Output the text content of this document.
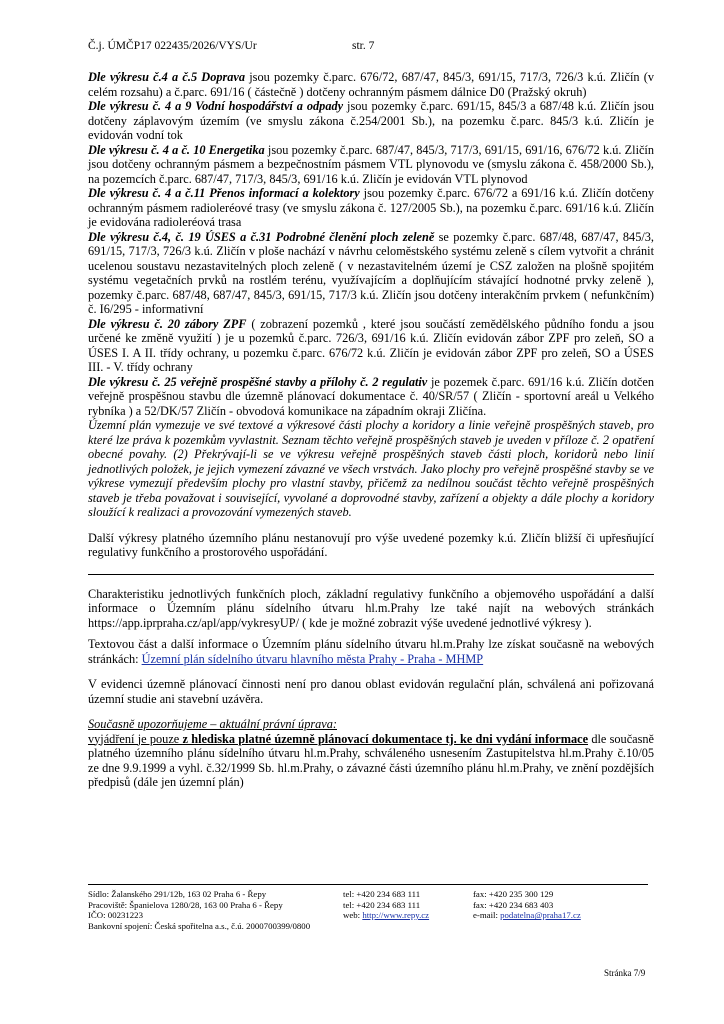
Č.j. ÚMČP17 022435/2026/VYS/Ur	str. 7

Dle výkresu č.4 a č.5 Doprava jsou pozemky č.parc. 676/72, 687/47, 845/3, 691/15, 717/3, 726/3 k.ú. Zličín (v celém rozsahu) a č.parc. 691/16 ( částečně ) dotčeny ochranným pásmem dálnice D0 (Pražský okruh)

Dle výkresu č. 4 a 9 Vodní hospodářství a odpady jsou pozemky č.parc. 691/15, 845/3 a 687/48 k.ú. Zličín jsou dotčeny záplavovým územím (ve smyslu zákona č.254/2001 Sb.), na pozemku č.parc. 845/3 k.ú. Zličín je evidován vodní tok

Dle výkresu č. 4 a č. 10 Energetika jsou pozemky č.parc. 687/47, 845/3, 717/3, 691/15, 691/16, 676/72 k.ú. Zličín jsou dotčeny ochranným pásmem a bezpečnostním pásmem VTL plynovodu ve (smyslu zákona č. 458/2000 Sb.), na pozemcích č.parc. 687/47, 717/3, 845/3, 691/16 k.ú. Zličín je evidován VTL plynovod

Dle výkresu č. 4 a č.11 Přenos informací a kolektory jsou pozemky č.parc. 676/72 a 691/16 k.ú. Zličín dotčeny ochranným pásmem radioleréové trasy (ve smyslu zákona č. 127/2005 Sb.), na pozemku č.parc. 691/16 k.ú. Zličín je evidována radioleréová trasa

Dle výkresu č.4, č. 19 ÚSES a č.31 Podrobné členění ploch zeleně se pozemky č.parc. 687/48, 687/47, 845/3, 691/15, 717/3, 726/3 k.ú. Zličín v ploše nachází v návrhu celoměstského systému zeleně s cílem vytvořit a chránit ucelenou soustavu nezastavitelných ploch zeleně ( v nezastavitelném území je CSZ založen na plošně spojitém systému vegetačních prvků na rostlém terénu, využívajícím a doplňujícím stávající hodnotné prvky zeleně ), pozemky č.parc. 687/48, 687/47, 845/3, 691/15, 717/3 k.ú. Zličín jsou dotčeny interakčním prvkem ( nefunkčním) č. I6/295 - informativní

Dle výkresu č. 20 zábory ZPF ( zobrazení pozemků , které jsou součástí zemědělského půdního fondu a jsou určené ke změně využití ) je u pozemků č.parc. 726/3, 691/16 k.ú. Zličín evidován zábor ZPF pro zeleň, SO a ÚSES I. A II. třídy ochrany, u pozemku č.parc. 676/72 k.ú. Zličín je evidován zábor ZPF pro zeleň, SO a ÚSES III. - V. třídy ochrany

Dle výkresu č. 25 veřejně prospěšné stavby a přílohy č. 2 regulativ je pozemek č.parc. 691/16 k.ú. Zličín dotčen veřejně prospěšnou stavbu dle územně plánovací dokumentace č. 40/SR/57 ( Zličín - sportovní areál u Velkého rybníka ) a 52/DK/57 Zličín - obvodová komunikace na západním okraji Zličína.

Územní plán vymezuje ve své textové a výkresové části plochy a koridory a linie veřejně prospěšných staveb, pro které lze práva k pozemkům vyvlastnit. Seznam těchto veřejně prospěšných staveb je uveden v příloze č. 2 opatření obecné povahy. (2) Překrývají-li se ve výkresu veřejně prospěšných staveb části ploch, koridorů nebo linií jednotlivých položek, je jejich vymezení závazné ve všech vrstvách. Jako plochy pro veřejně prospěšné stavby se ve výkrese vymezují především plochy pro vlastní stavby, přičemž za nedílnou součást těchto veřejně prospěšných staveb je třeba považovat i související, vyvolané a doprovodné stavby, zařízení a objekty a dále plochy a koridory sloužící k realizaci a provozování vymezených staveb.

Další výkresy platného územního plánu nestanovují pro výše uvedené pozemky k.ú. Zličín bližší či upřesňující regulativy funkčního a prostorového uspořádání.

Charakteristiku jednotlivých funkčních ploch, základní regulativy funkčního a objemového uspořádání a další informace o Územním plánu sídelního útvaru hl.m.Prahy lze také najít na webových stránkách https://app.iprpraha.cz/apl/app/vykresyUP/ ( kde je možné zobrazit výše uvedené jednotlivé výkresy ).

Textovou část a další informace o Územním plánu sídelního útvaru hl.m.Prahy lze získat současně na webových stránkách: Územní plán sídelního útvaru hlavního města Prahy - Praha - MHMP

V evidenci územně plánovací činnosti není pro danou oblast evidován regulační plán, schválená ani pořizovaná územní studie ani stavební uzávěra.

Současně upozorňujeme – aktuální právní úprava:

vyjádření je pouze z hlediska platné územně plánovací dokumentace tj. ke dni vydání informace dle současně platného územního plánu sídelního útvaru hl.m.Prahy, schváleného usnesením Zastupitelstva hl.m.Prahy č.10/05 ze dne 9.9.1999 a vyhl. č.32/1999 Sb. hl.m.Prahy, o závazné části územního plánu hl.m.Prahy, ve znění pozdějších předpisů (dále jen územní plán)

Sídlo: Žalanského 291/12b, 163 02 Praha 6 - Řepy
Pracoviště: Španielova 1280/28, 163 00 Praha 6 - Řepy
IČO: 00231223
Bankovní spojení: Česká spořitelna a.s., č.ú. 2000700399/0800
tel: +420 234 683 111
tel: +420 234 683 111
web: http://www.repy.cz
fax: +420 235 300 129
fax: +420 234 683 403
e-mail: podatelna@praha17.cz
Stránka 7/9
